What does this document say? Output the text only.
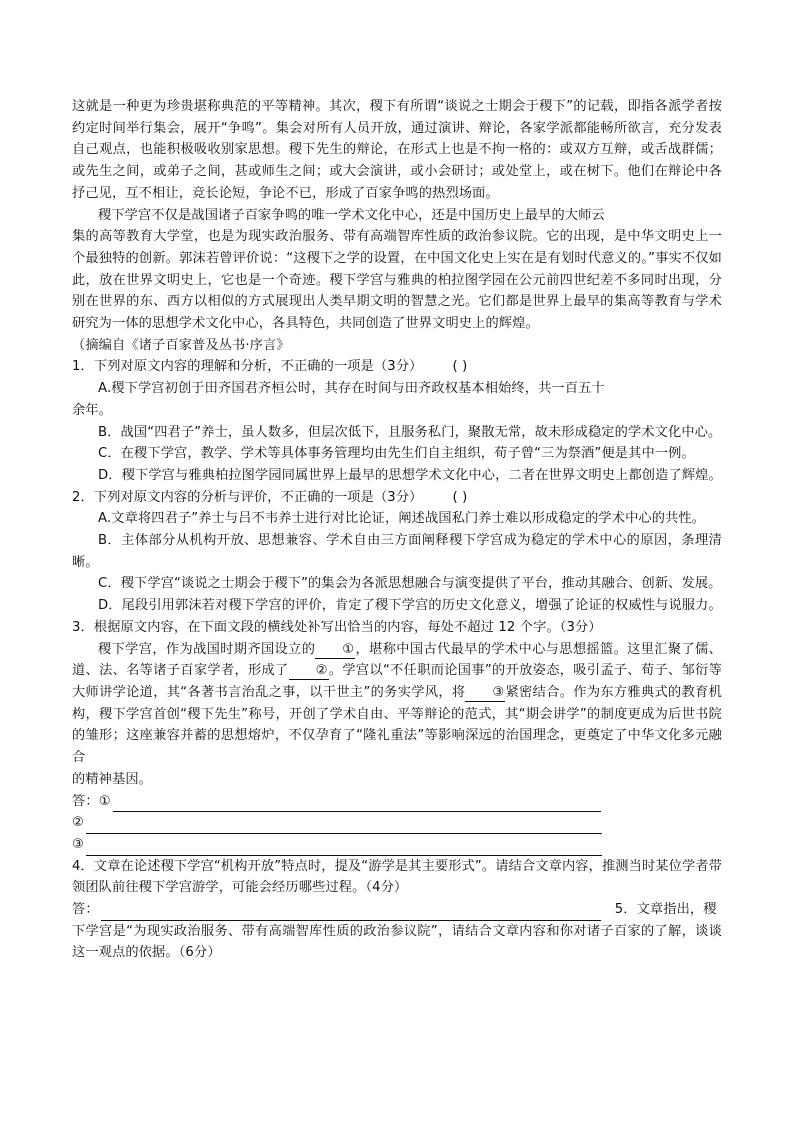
这就是一种更为珍贵堪称典范的平等精神。其次，稷下有所谓“谈说之士期会于稷下”的记载，即指各派学者按约定时间举行集会，展开“争鸣”。集会对所有人员开放，通过演讲、辩论，各家学派都能畅所欲言，充分发表自己观点，也能积极吸收别家思想。稷下先生的辩论，在形式上也是不拘一格的：或双方互辩，或舌战群儒；或先生之间，或弟子之间，甚或师生之间；或大会演讲，或小会研讨；或处堂上，或在树下。他们在辩论中各抒己见，互不相让，竞长论短，争论不已，形成了百家争鸣的热烈场面。

稷下学宫不仅是战国诸子百家争鸣的唯一学术文化中心，还是中国历史上最早的大师云

集的高等教育大学堂，也是为现实政治服务、带有高端智库性质的政治参议院。它的出现，是中华文明史上一个最独特的创新。郭沫若曾评价说：“这稷下之学的设置，在中国文化史上实在是有划时代意义的。”事实不仅如此，放在世界文明史上，它也是一个奇迹。稷下学宫与雅典的柏拉图学园在公元前四世纪差不多同时出现，分别在世界的东、西方以相似的方式展现出人类早期文明的智慧之光。它们都是世界上最早的集高等教育与学术研究为一体的思想学术文化中心，各具特色，共同创造了世界文明史上的辉煌。

（摘编自《诸子百家普及丛书·序言》

1．下列对原文内容的理解和分析，不正确的一项是（3分） ( )

A.稷下学宫初创于田齐国君齐桓公时，其存在时间与田齐政权基本相始终，共一百五十

余年。

B．战国“四君子”养士，虽人数多，但层次低下，且服务私门，聚散无常，故未形成稳定的学术文化中心。

C．在稷下学宫，教学、学术等具体事务管理均由先生们自主组织，荀子曾“三为祭酒”便是其中一例。

D．稷下学宫与雅典柏拉图学园同属世界上最早的思想学术文化中心，二者在世界文明史上都创造了辉煌。

2．下列对原文内容的分析与评价，不正确的一项是（3分） ( )

A.文章将四君子”养士与吕不韦养士进行对比论证，阐述战国私门养士难以形成稳定的学术中心的共性。

B．主体部分从机构开放、思想兼容、学术自由三方面阐释稷下学宫成为稳定的学术中心的原因，条理清晰。

C．稷下学宫“谈说之士期会于稷下”的集会为各派思想融合与演变提供了平台，推动其融合、创新、发展。

D．尾段引用郭沫若对稷下学宫的评价，肯定了稷下学宫的历史文化意义，增强了论证的权威性与说服力。

3．根据原文内容，在下面文段的横线处补写出恰当的内容，每处不超过 12 个字。（3分）

稷下学宫，作为战国时期齐国设立的 ①，堪称中国古代最早的学术中心与思想摇篮。这里汇聚了儒、道、法、名等诸子百家学者，形成了 ②。学宫以“不任职而论国事”的开放姿态，吸引孟子、荀子、邹衍等大师讲学论道，其“各著书言治乱之事，以干世主”的务实学风，将 ③紧密结合。作为东方雅典式的教育机构，稷下学宫首创“稷下先生”称号，开创了学术自由、平等辩论的范式，其“期会讲学”的制度更成为后世书院的雏形；这座兼容并蓄的思想熔炉，不仅孕育了“隆礼重法”等影响深远的治国理念，更奠定了中华文化多元融合

的精神基因。

答： ①
②
③

4．文章在论述稷下学宫“机构开放”特点时，提及“游学是其主要形式”。请结合文章内容，推测当时某位学者带领团队前往稷下学宫游学，可能会经历哪些过程。（4分）

答：	5．文章指出，稷

下学宫是“为现实政治服务、带有高端智库性质的政治参议院”，请结合文章内容和你对诸子百家的了解，谈谈这一观点的依据。（6分）
